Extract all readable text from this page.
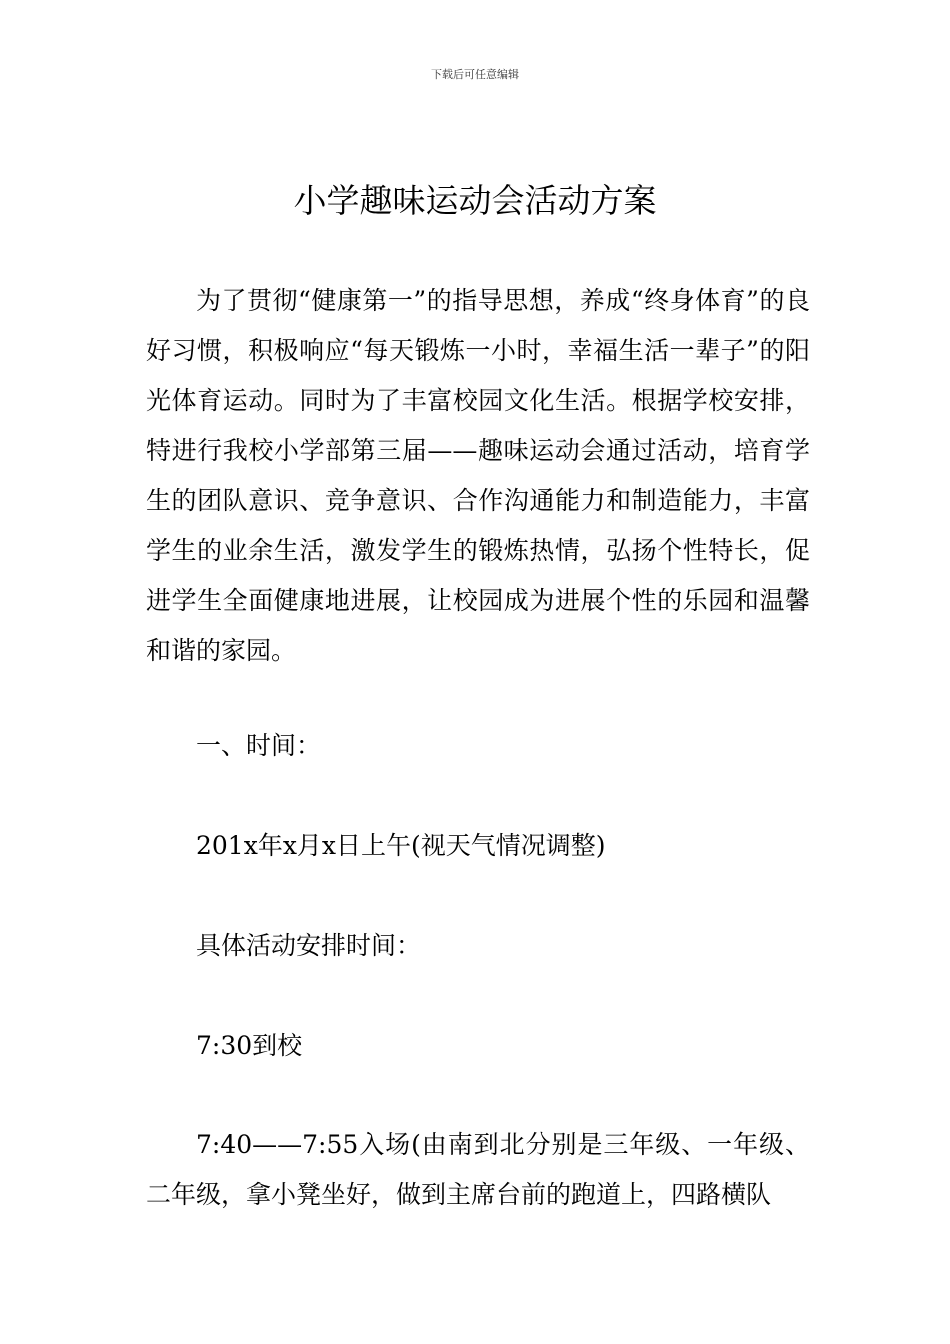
下载后可任意编辑
小学趣味运动会活动方案

为了贯彻“健康第一”的指导思想，养成“终身体育”的良好习惯，积极响应“每天锻炼一小时，幸福生活一辈子”的阳光体育运动。同时为了丰富校园文化生活。根据学校安排，特进行我校小学部第三届——趣味运动会通过活动，培育学生的团队意识、竞争意识、合作沟通能力和制造能力，丰富学生的业余生活，激发学生的锻炼热情，弘扬个性特长，促进学生全面健康地进展，让校园成为进展个性的乐园和温馨和谐的家园。

一、时间：

201x年x月x日上午(视天气情况调整)

具体活动安排时间：

7:30到校

7:40——7:55入场(由南到北分别是三年级、一年级、二年级，拿小凳坐好，做到主席台前的跑道上，四路横队
